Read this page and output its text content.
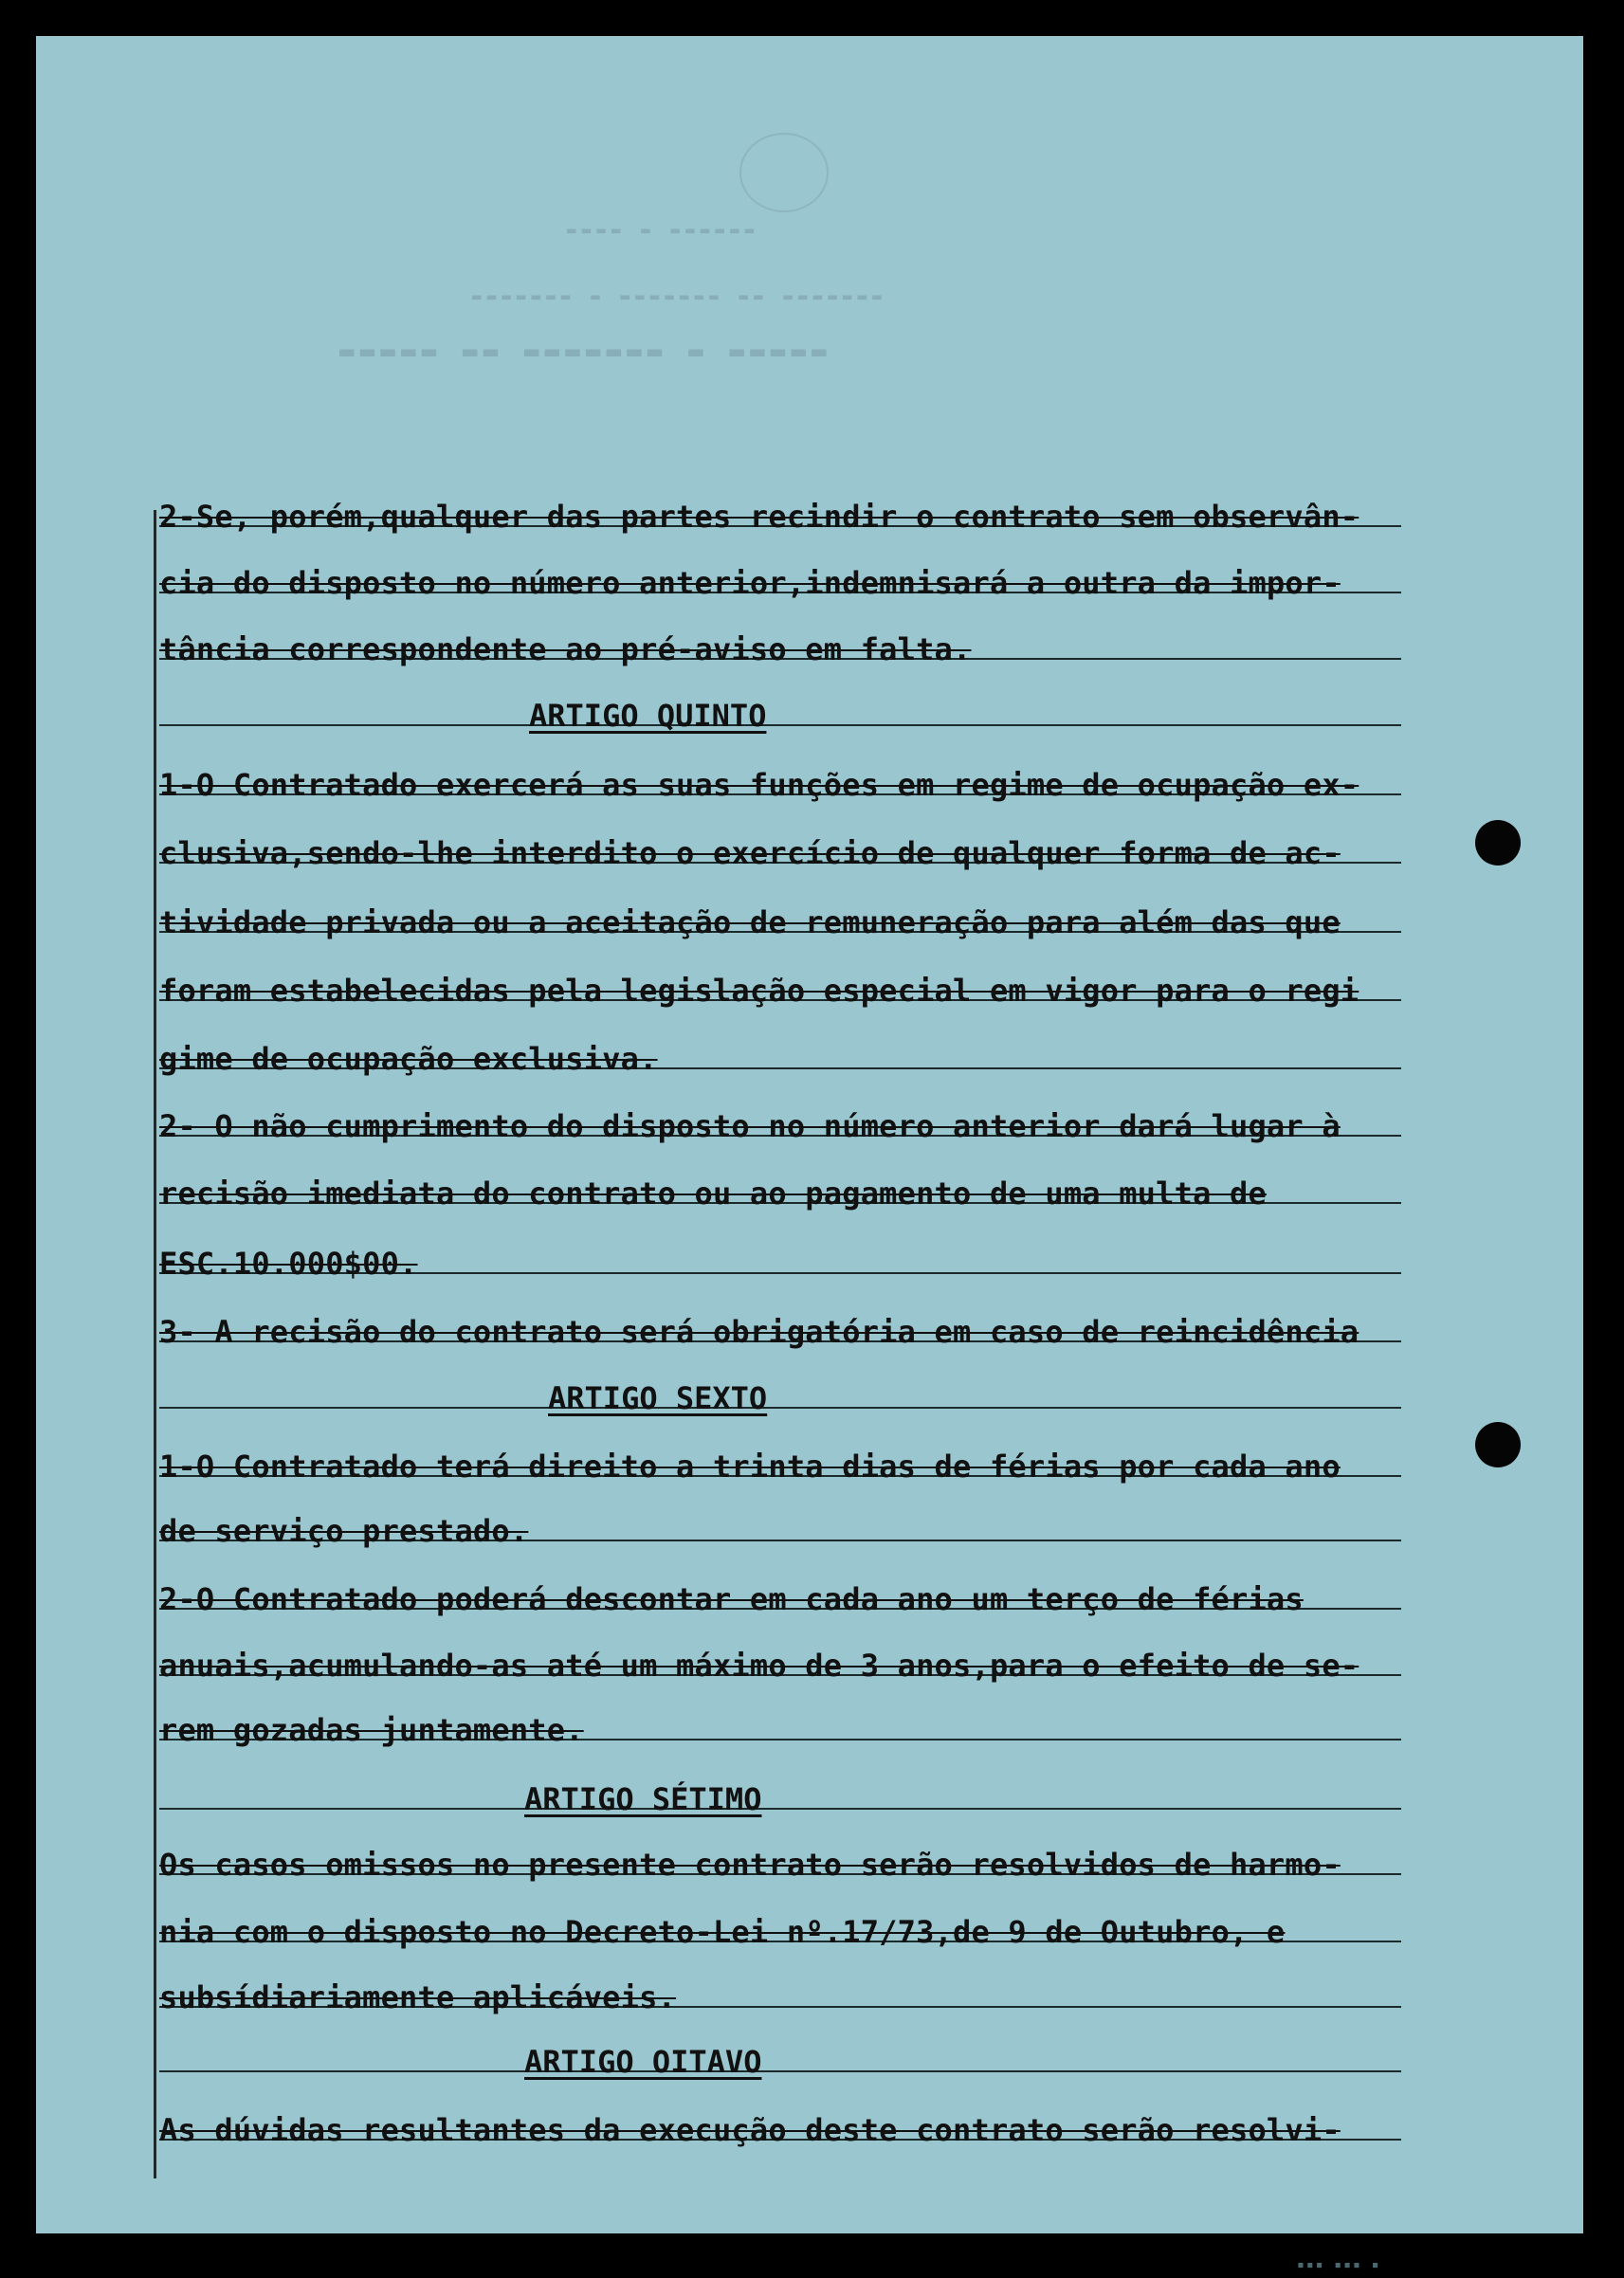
▬▬▬▬ ▬ ▬▬▬▬▬▬
▬▬▬▬▬▬▬ ▬ ▬▬▬▬▬▬▬ ▬▬ ▬▬▬▬▬▬▬
▬▬▬▬▬ ▬▬ ▬▬▬▬▬▬▬ ▬ ▬▬▬▬▬
2-Se, porém,qualquer das partes recindir o contrato sem observân-
cia do disposto no número anterior,indemnisará a outra da impor-
tância correspondente ao pré-aviso em falta.
ARTIGO QUINTO
1-O Contratado exercerá as suas funções em regime de ocupação ex-
clusiva,sendo-lhe interdito o exercício de qualquer forma de ac-
tividade privada ou a aceitação de remuneração para além das que
foram estabelecidas pela legislação especial em vigor para o regi
gime de ocupação exclusiva.
2- O não cumprimento do disposto no número anterior dará lugar à
recisão imediata do contrato ou ao pagamento de uma multa de
ESC.10.000$00.
3- A recisão do contrato será obrigatória em caso de reincidência
ARTIGO SEXTO
1-O Contratado terá direito a trinta dias de férias por cada ano
de serviço prestado.
2-O Contratado poderá descontar em cada ano um terço de férias
anuais,acumulando-as até um máximo de 3 anos,para o efeito de se-
rem gozadas juntamente.
ARTIGO SÉTIMO
Os casos omissos no presente contrato serão resolvidos de harmo-
nia com o disposto no Decreto-Lei nº.17/73,de 9 de Outubro, e
subsídiariamente aplicáveis.
ARTIGO OITAVO
As dúvidas resultantes da execução deste contrato serão resolvi-
▪▪▪ ▪▪▪ ▪
